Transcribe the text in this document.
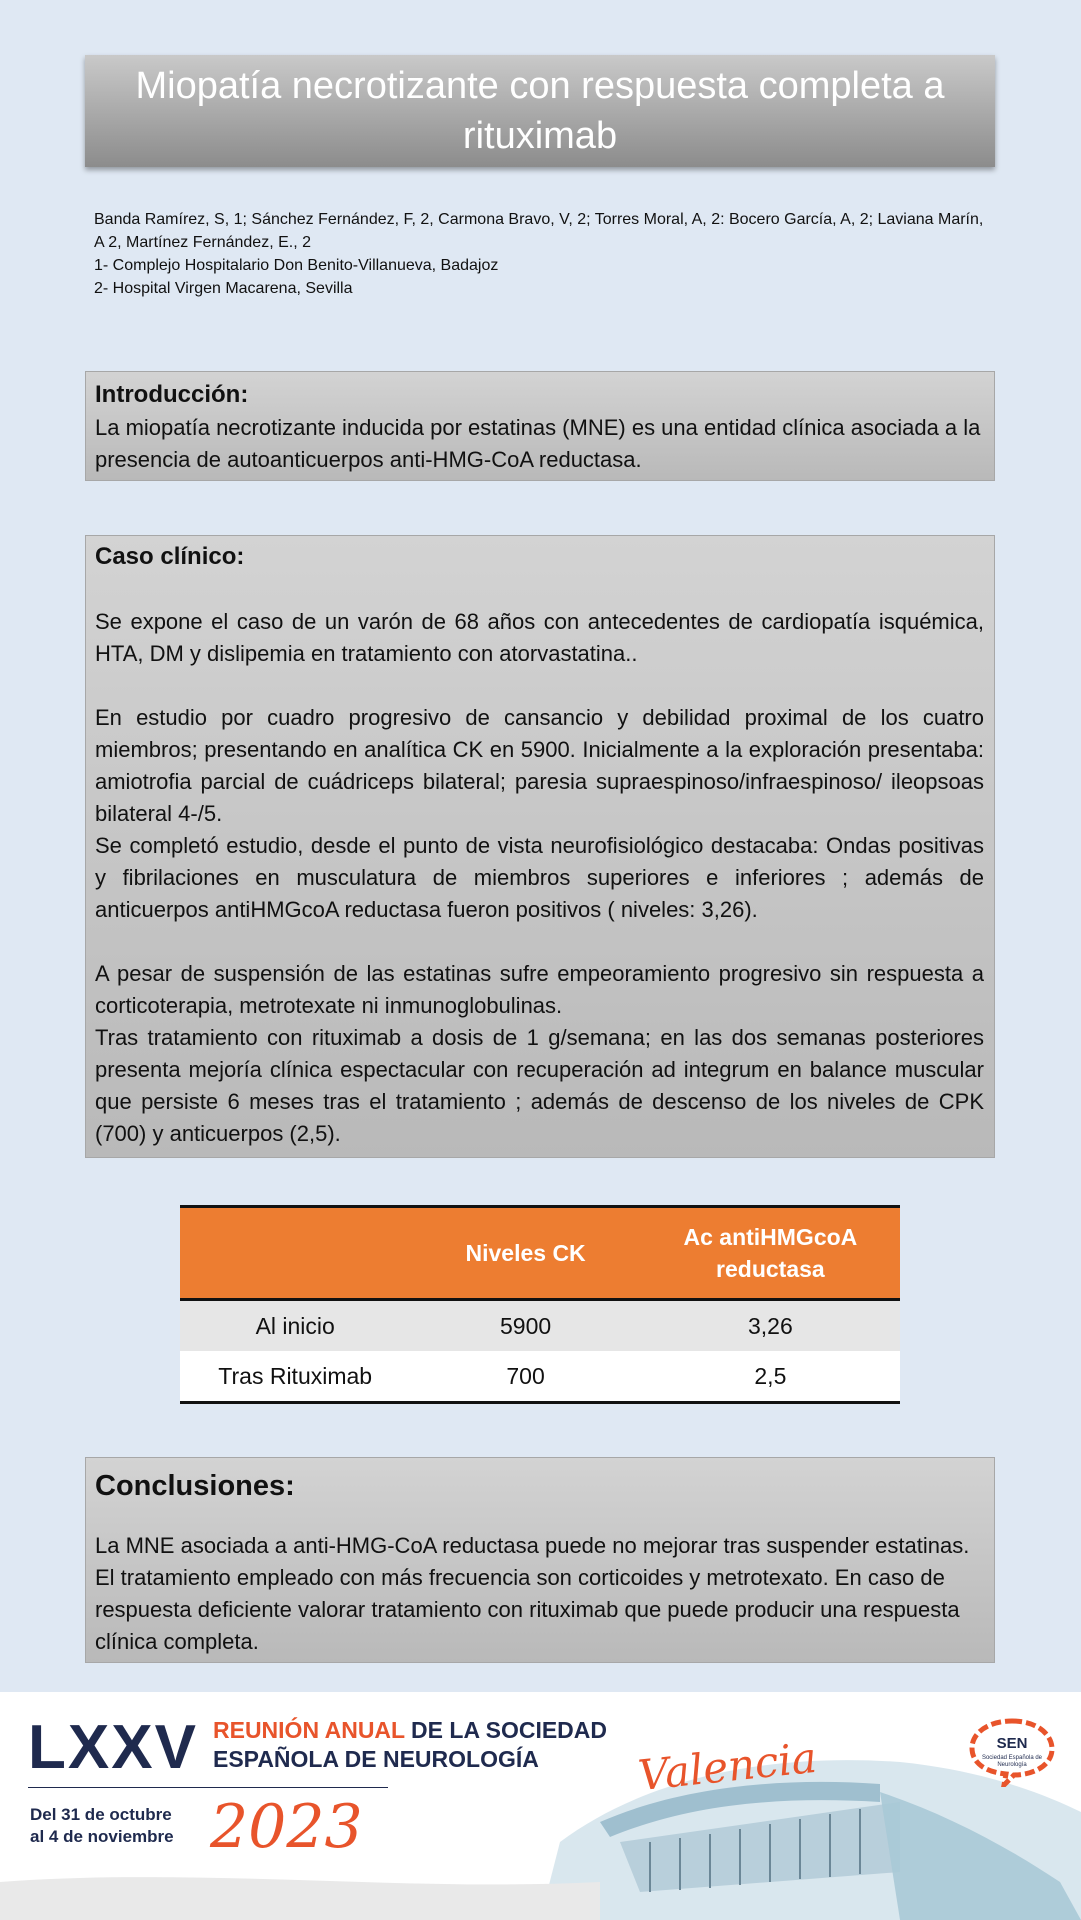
Miopatía necrotizante con respuesta completa a rituximab
Banda Ramírez, S, 1; Sánchez Fernández, F, 2, Carmona Bravo, V, 2; Torres Moral, A, 2: Bocero García, A, 2; Laviana Marín, A 2, Martínez Fernández, E., 2
1- Complejo Hospitalario Don Benito-Villanueva, Badajoz
2- Hospital Virgen Macarena, Sevilla
Introducción:
La miopatía necrotizante inducida por estatinas (MNE) es una entidad clínica asociada a la presencia de autoanticuerpos anti-HMG-CoA reductasa.
Caso clínico:

Se expone el caso de un varón de 68 años con antecedentes de cardiopatía isquémica, HTA, DM y dislipemia en tratamiento con atorvastatina..

En estudio por cuadro progresivo de cansancio y debilidad proximal de los cuatro miembros; presentando en analítica CK en 5900. Inicialmente a la exploración presentaba: amiotrofia parcial de cuádriceps bilateral; paresia supraespinoso/infraespinoso/ ileopsoas bilateral 4-/5.

Se completó estudio, desde el punto de vista neurofisiológico destacaba: Ondas positivas y fibrilaciones en musculatura de miembros superiores e inferiores ; además de anticuerpos antiHMGcoA reductasa fueron positivos ( niveles: 3,26).

A pesar de suspensión de las estatinas sufre empeoramiento progresivo sin respuesta a corticoterapia, metrotexate ni inmunoglobulinas.

Tras tratamiento con rituximab a dosis de 1 g/semana; en las dos semanas posteriores presenta mejoría clínica espectacular con recuperación ad integrum en balance muscular que persiste 6 meses tras el tratamiento ; además de descenso de los niveles de CPK (700) y anticuerpos (2,5).

	Niveles CK	Ac antiHMGcoA reductasa
Al inicio	5900	3,26
Tras Rituximab	700	2,5
Conclusiones:

La MNE asociada a anti-HMG-CoA reductasa puede no mejorar tras suspender estatinas. El tratamiento empleado con más frecuencia son corticoides y metrotexato. En caso de respuesta deficiente valorar tratamiento con rituximab que puede producir una respuesta clínica completa.

LXXV REUNIÓN ANUAL DE LA SOCIEDAD
ESPAÑOLA DE NEUROLOGÍA	Valencia
Del 31 de octubre
al 4 de noviembre 2023
SEN
Sociedad Española de Neurología
